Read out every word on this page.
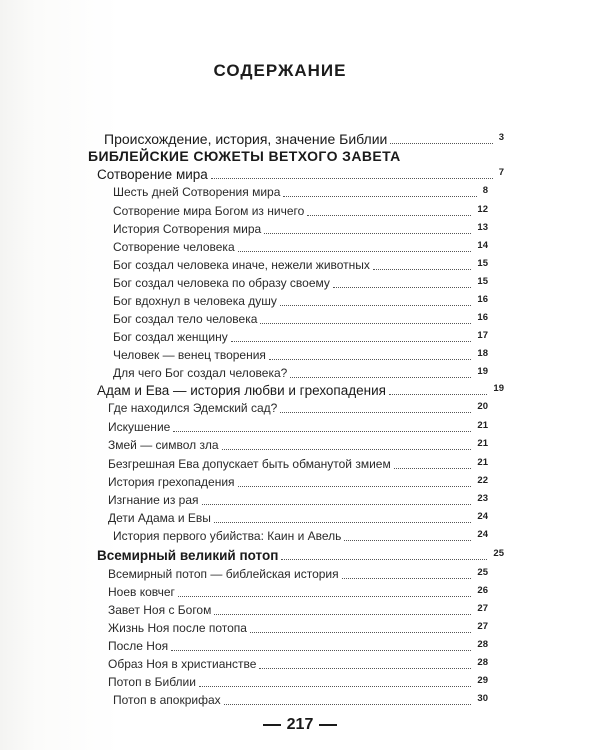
СОДЕРЖАНИЕ
Происхождение, история, значение Библии	3
БИБЛЕЙСКИЕ СЮЖЕТЫ ВЕТХОГО ЗАВЕТА
Сотворение мира	7
Шесть дней Сотворения мира	8
Сотворение мира Богом из ничего	12
История Сотворения мира	13
Сотворение человека	14
Бог создал человека иначе, нежели животных	15
Бог создал человека по образу своему	15
Бог вдохнул в человека душу	16
Бог создал тело человека	16
Бог создал женщину	17
Человек — венец творения	18
Для чего Бог создал человека?	19
Адам и Ева — история любви и грехопадения	19
Где находился Эдемский сад?	20
Искушение	21
Змей — символ зла	21
Безгрешная Ева допускает быть обманутой змием	21
История грехопадения	22
Изгнание из рая	23
Дети Адама и Евы	24
История первого убийства: Каин и Авель	24
Всемирный великий потоп	25
Всемирный потоп — библейская история	25
Ноев ковчег	26
Завет Ноя с Богом	27
Жизнь Ноя после потопа	27
После Ноя	28
Образ Ноя в христианстве	28
Потоп в Библии	29
Потоп в апокрифах	30
217
